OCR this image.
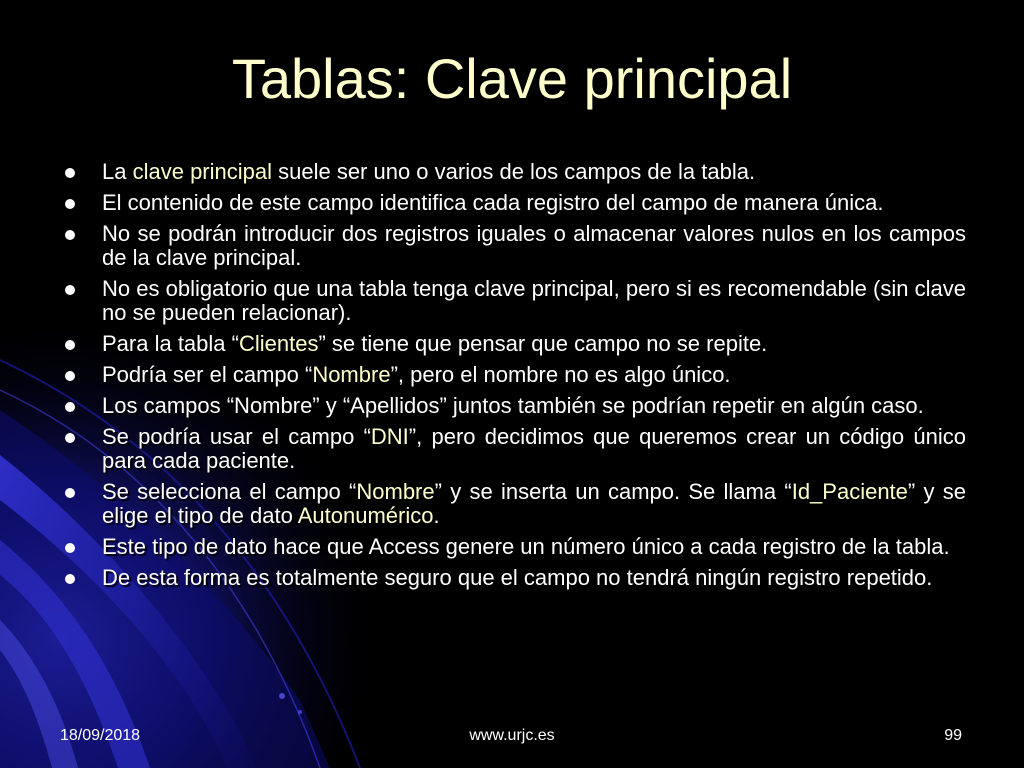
Tablas: Clave principal
La clave principal suele ser uno o varios de los campos de la tabla.
El contenido de este campo identifica cada registro del campo de manera única.
No se podrán introducir dos registros iguales o almacenar valores nulos en los campos de la clave principal.
No es obligatorio que una tabla tenga clave principal, pero si es recomendable (sin clave no se pueden relacionar).
Para la tabla “Clientes” se tiene que pensar que campo no se repite.
Podría ser el campo “Nombre”, pero el nombre no es algo único.
Los campos “Nombre” y “Apellidos” juntos también se podrían repetir en algún caso.
Se podría usar el campo “DNI”, pero decidimos que queremos crear un código único para cada paciente.
Se selecciona el campo “Nombre” y se inserta un campo. Se llama “Id_Paciente” y se elige el tipo de dato Autonumérico.
Este tipo de dato hace que Access genere un número único a cada registro de la tabla.
De esta forma es totalmente seguro que el campo no tendrá ningún registro repetido.
18/09/2018	www.urjc.es	99
